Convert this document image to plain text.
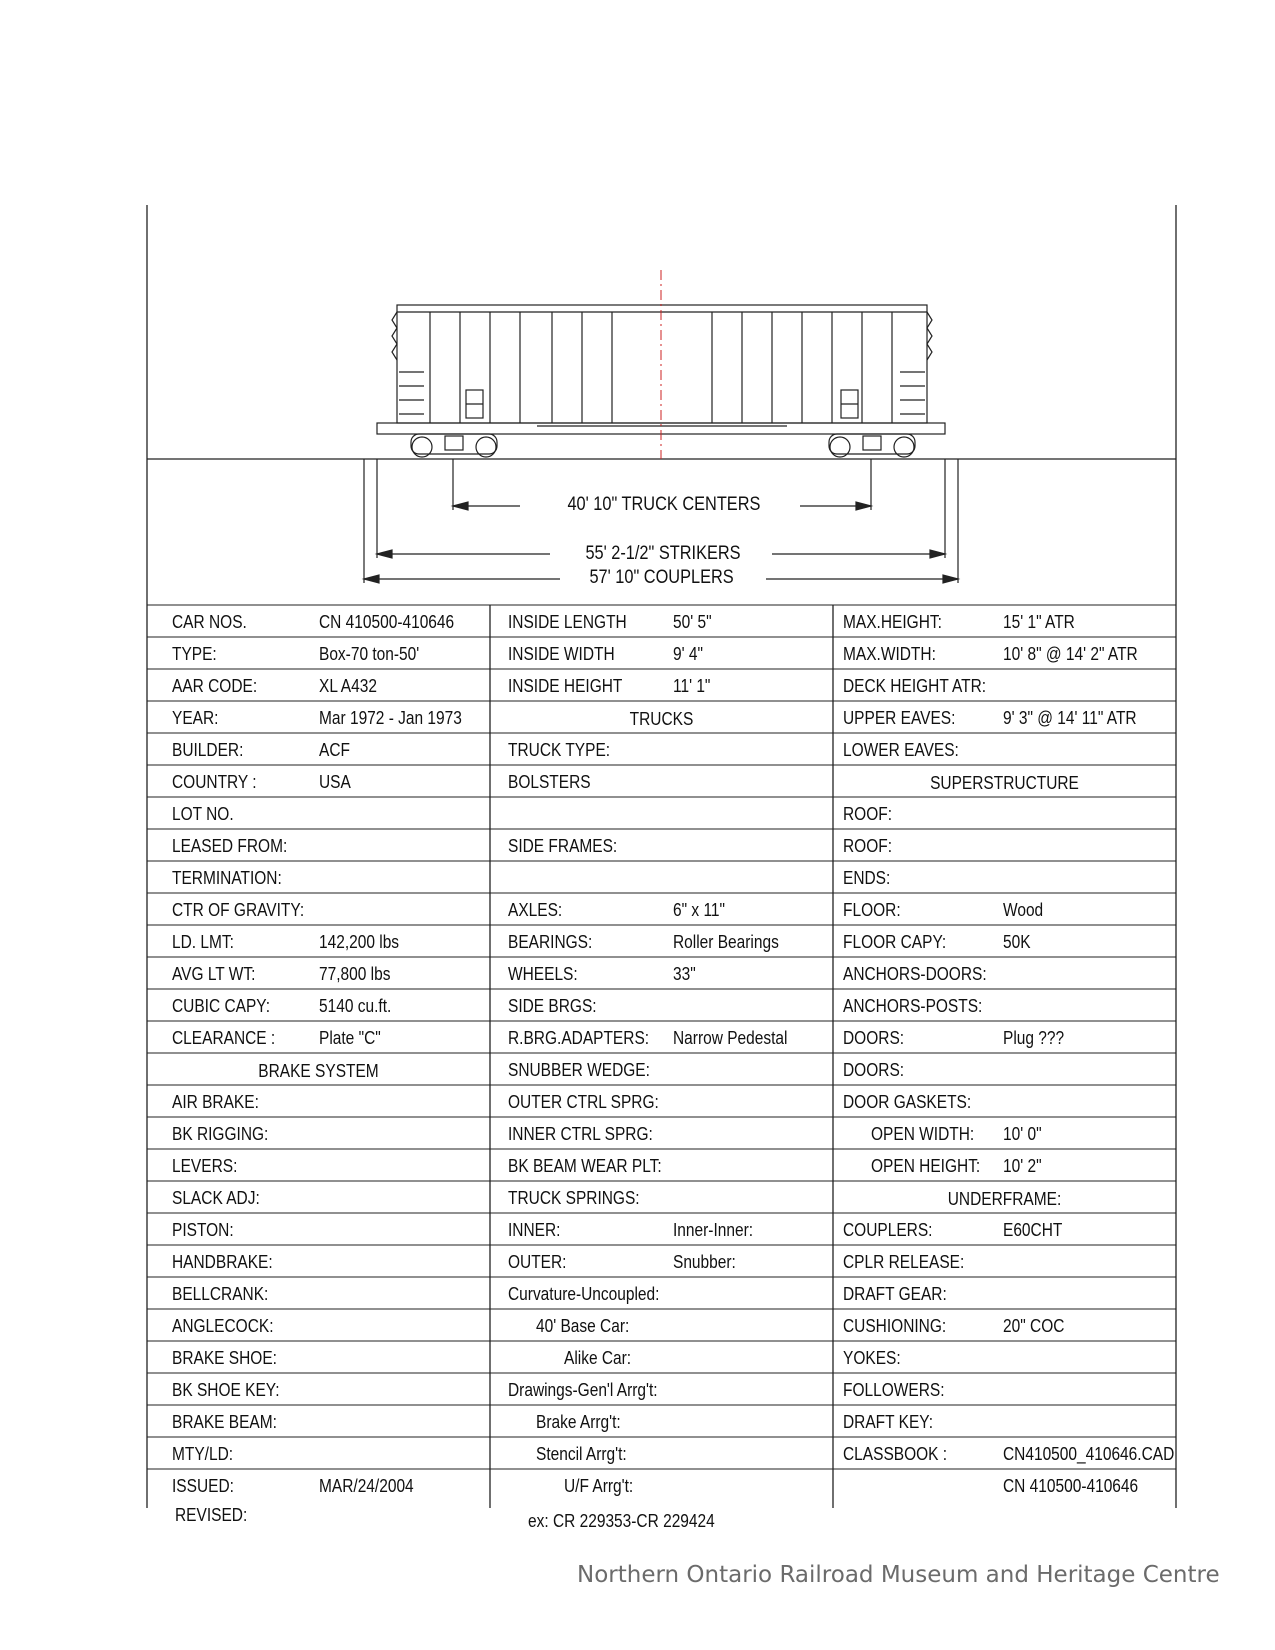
40' 10" TRUCK CENTERS
55' 2-1/2" STRIKERS
57' 10" COUPLERS
CAR NOS.	CN 410500-410646
TYPE:	Box-70 ton-50'
AAR CODE:	XL A432
YEAR:	Mar 1972 - Jan 1973
BUILDER:	ACF
COUNTRY :	USA
LOT NO.
LEASED FROM:
TERMINATION:
CTR OF GRAVITY:
LD. LMT:	142,200 lbs
AVG LT WT:	77,800 lbs
CUBIC CAPY:	5140 cu.ft.
CLEARANCE : Plate "C"
BRAKE SYSTEM
AIR BRAKE:
BK RIGGING:
LEVERS:
SLACK ADJ:
PISTON:
HANDBRAKE:
BELLCRANK:
ANGLECOCK:
BRAKE SHOE:
BK SHOE KEY:
BRAKE BEAM:
MTY/LD:
ISSUED:	MAR/24/2004
INSIDE LENGTH	50' 5"
INSIDE WIDTH	9' 4"
INSIDE HEIGHT	11' 1"
TRUCKS
TRUCK TYPE:
BOLSTERS
SIDE FRAMES:
AXLES:	6" x 11"
BEARINGS:	Roller Bearings
WHEELS:	33"
SIDE BRGS:
R.BRG.ADAPTERS: Narrow Pedestal
SNUBBER WEDGE:
OUTER CTRL SPRG:
INNER CTRL SPRG:
BK BEAM WEAR PLT:
TRUCK SPRINGS:
INNER:	Inner-Inner:
OUTER:	Snubber:
Curvature-Uncoupled:
40' Base Car:
Alike Car:
Drawings-Gen'l Arrg't:
Brake Arrg't:
Stencil Arrg't:
U/F Arrg't:
MAX.HEIGHT:	15' 1" ATR
MAX.WIDTH:	10' 8" @ 14' 2" ATR
DECK HEIGHT ATR:
UPPER EAVES:	9' 3" @ 14' 11" ATR
LOWER EAVES:
SUPERSTRUCTURE
ROOF:
ROOF:
ENDS:
FLOOR:	Wood
FLOOR CAPY:	50K
ANCHORS-DOORS:
ANCHORS-POSTS:
DOORS:	Plug ???
DOORS:
DOOR GASKETS:
OPEN WIDTH: 10' 0"
OPEN HEIGHT: 10' 2"
UNDERFRAME:
COUPLERS:	E60CHT
CPLR RELEASE:
DRAFT GEAR:
CUSHIONING:	20" COC
YOKES:
FOLLOWERS:
DRAFT KEY:
CLASSBOOK :	CN410500_410646.CAD
CN 410500-410646
REVISED:	ex: CR 229353-CR 229424
Northern Ontario Railroad Museum and Heritage Centre
